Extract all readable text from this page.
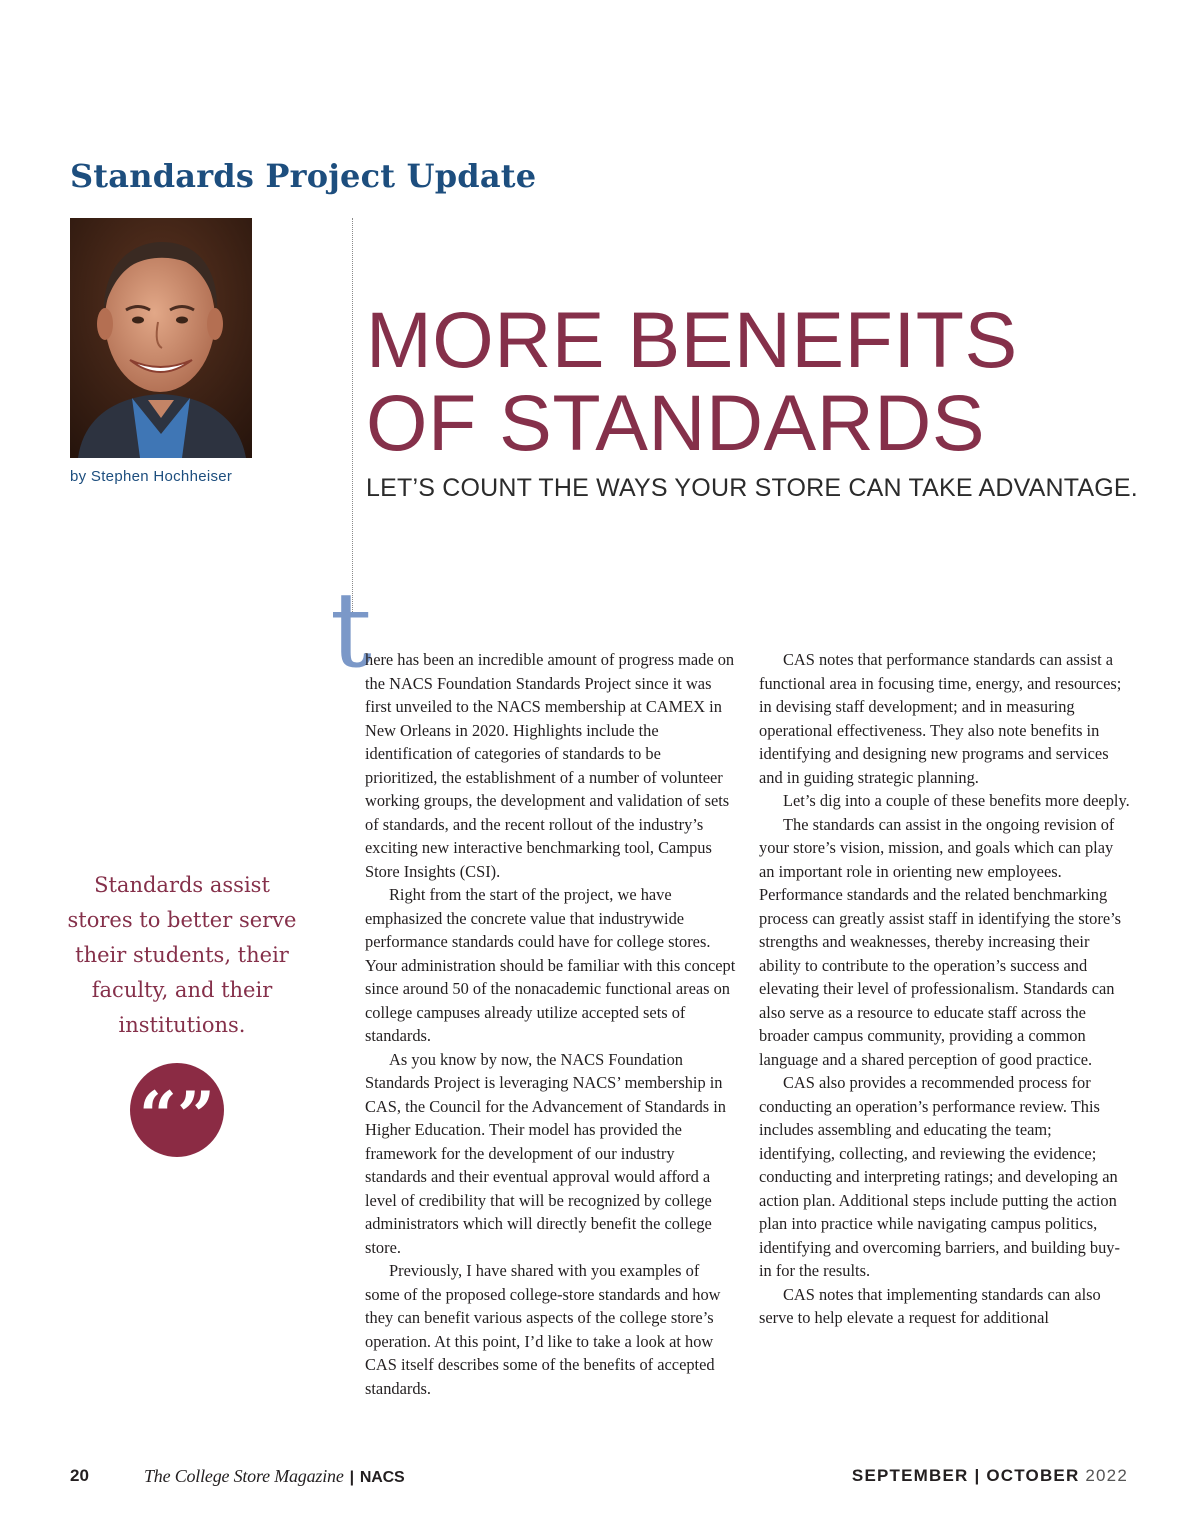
Standards Project Update

by Stephen Hochheiser

MORE BENEFITS
OF STANDARDS

LET’S COUNT THE WAYS YOUR STORE CAN TAKE ADVANTAGE.

Standards assist stores to better serve their students, their faculty, and their institutions.

“”
t

here has been an incredible amount of progress made on the NACS Foundation Standards Project since it was first unveiled to the NACS membership at CAMEX in New Orleans in 2020. Highlights include the identification of categories of standards to be prioritized, the establishment of a number of volunteer working groups, the development and validation of sets of standards, and the recent rollout of the industry’s exciting new interactive benchmarking tool, Campus Store Insights (CSI).

Right from the start of the project, we have emphasized the concrete value that industrywide performance standards could have for college stores. Your administration should be familiar with this concept since around 50 of the nonacademic functional areas on college campuses already utilize accepted sets of standards.

As you know by now, the NACS Foundation Standards Project is leveraging NACS’ membership in CAS, the Council for the Advancement of Standards in Higher Education. Their model has provided the framework for the development of our industry standards and their eventual approval would afford a level of credibility that will be recognized by college administrators which will directly benefit the college store.

Previously, I have shared with you examples of some of the proposed college-store standards and how they can benefit various aspects of the college store’s operation. At this point, I’d like to take a look at how CAS itself describes some of the benefits of accepted standards.

CAS notes that performance standards can assist a functional area in focusing time, energy, and resources; in devising staff development; and in measuring operational effectiveness. They also note benefits in identifying and designing new programs and services and in guiding strategic planning.

Let’s dig into a couple of these benefits more deeply.

The standards can assist in the ongoing revision of your store’s vision, mission, and goals which can play an important role in orienting new employees. Performance standards and the related benchmarking process can greatly assist staff in identifying the store’s strengths and weaknesses, thereby increasing their ability to contribute to the operation’s success and elevating their level of professionalism. Standards can also serve as a resource to educate staff across the broader campus community, providing a common language and a shared perception of good practice.

CAS also provides a recommended process for conducting an operation’s performance review. This includes assembling and educating the team; identifying, collecting, and reviewing the evidence; conducting and interpreting ratings; and developing an action plan. Additional steps include putting the action plan into practice while navigating campus politics, identifying and overcoming barriers, and building buy-in for the results.

CAS notes that implementing standards can also serve to help elevate a request for additional

20	The College Store Magazine | NACS	SEPTEMBER | OCTOBER 2022
